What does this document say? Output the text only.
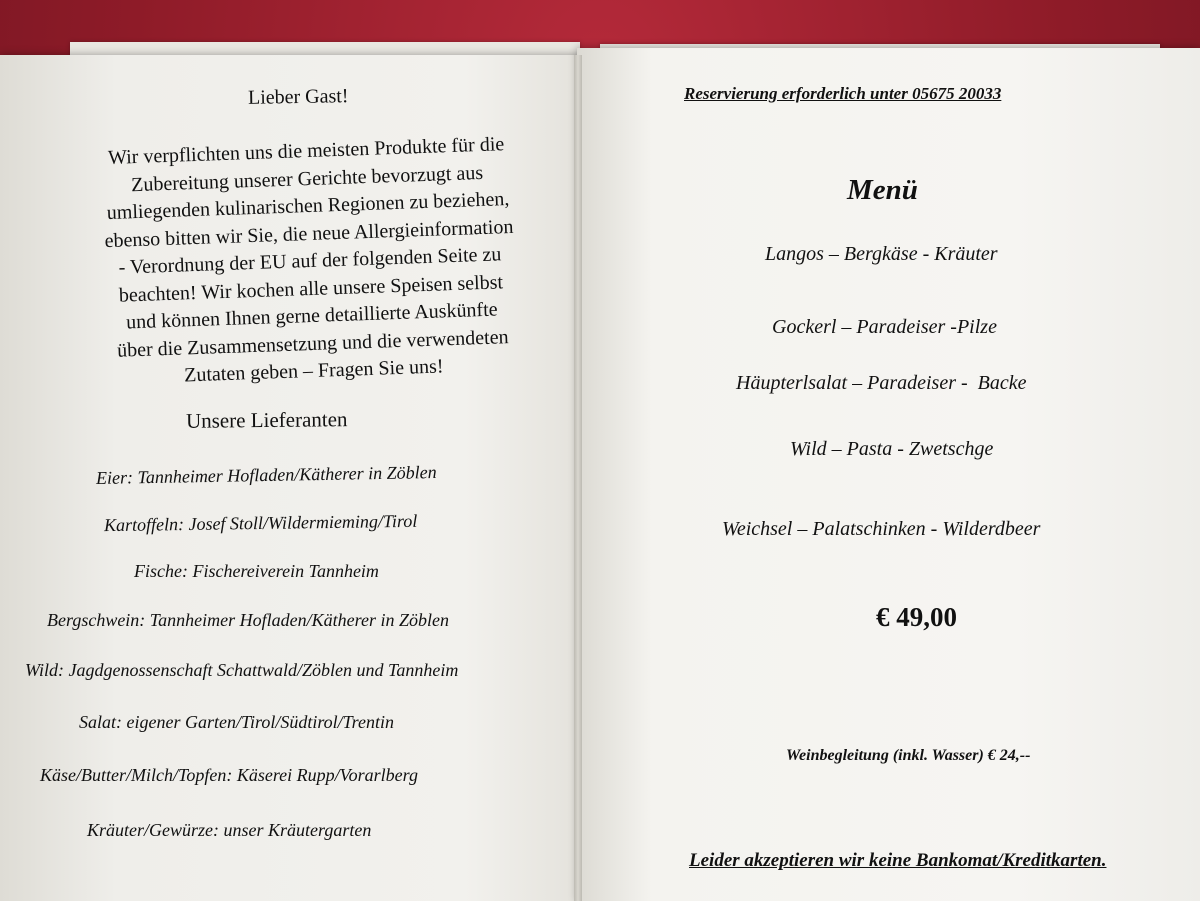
Lieber Gast!
Wir verpflichten uns die meisten Produkte für die
Zubereitung unserer Gerichte bevorzugt aus
umliegenden kulinarischen Regionen zu beziehen,
ebenso bitten wir Sie, die neue Allergieinformation
- Verordnung der EU auf der folgenden Seite zu
beachten! Wir kochen alle unsere Speisen selbst
und können Ihnen gerne detaillierte Auskünfte
über die Zusammensetzung und die verwendeten
Zutaten geben – Fragen Sie uns!
Unsere Lieferanten
Eier: Tannheimer Hofladen/Kätherer in Zöblen
Kartoffeln: Josef Stoll/Wildermieming/Tirol
Fische: Fischereiverein Tannheim
Bergschwein: Tannheimer Hofladen/Kätherer in Zöblen
Wild: Jagdgenossenschaft Schattwald/Zöblen und Tannheim
Salat: eigener Garten/Tirol/Südtirol/Trentin
Käse/Butter/Milch/Topfen: Käserei Rupp/Vorarlberg
Kräuter/Gewürze: unser Kräutergarten
Reservierung erforderlich unter 05675 20033
Menü
Langos – Bergkäse - Kräuter
Gockerl – Paradeiser -Pilze
Häupterlsalat – Paradeiser -  Backe
Wild – Pasta - Zwetschge
Weichsel – Palatschinken - Wilderdbeer
€ 49,00
Weinbegleitung (inkl. Wasser) € 24,--
Leider akzeptieren wir keine Bankomat/Kreditkarten.
